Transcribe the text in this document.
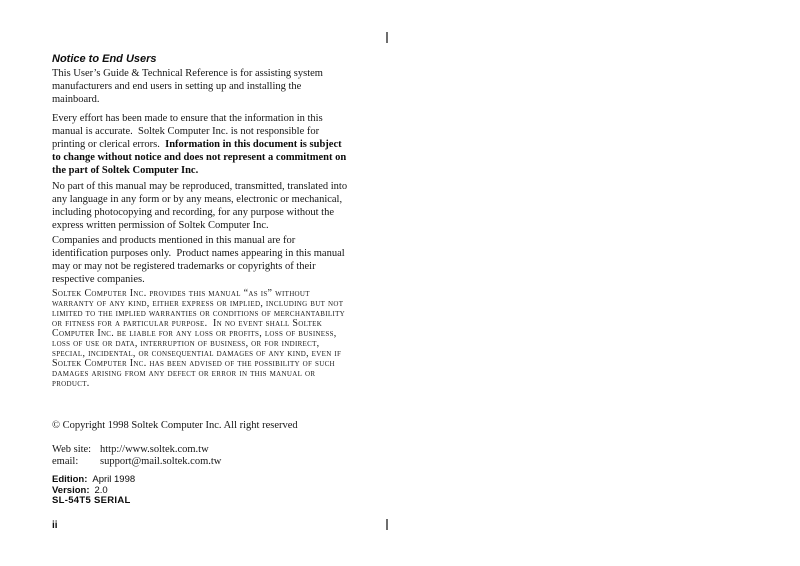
Notice to End Users

This User’s Guide & Technical Reference is for assisting system manufacturers and end users in setting up and installing the mainboard.

Every effort has been made to ensure that the information in this manual is accurate.  Soltek Computer Inc. is not responsible for printing or clerical errors.  Information in this document is subject to change without notice and does not represent a commitment on the part of Soltek Computer Inc.

No part of this manual may be reproduced, transmitted, translated into any language in any form or by any means, electronic or mechanical, including photocopying and recording, for any purpose without the express written permission of Soltek Computer Inc.

Companies and products mentioned in this manual are for identification purposes only.  Product names appearing in this manual may or may not be registered trademarks or copyrights of their respective companies.

Soltek Computer Inc. provides this manual “as is” without warranty of any kind, either express or implied, including but not limited to the implied warranties or conditions of merchantability or fitness for a particular purpose.  In no event shall Soltek Computer Inc. be liable for any loss or profits, loss of business, loss of use or data, interruption of business, or for indirect, special, incidental, or consequential damages of any kind, even if Soltek Computer Inc. has been advised of the possibility of such damages arising from any defect or error in this manual or product.

© Copyright 1998 Soltek Computer Inc. All right reserved

Web site: http://www.soltek.com.tw
email: support@mail.soltek.com.tw
Edition: April 1998
Version: 2.0
SL-54T5 SERIAL
ii
